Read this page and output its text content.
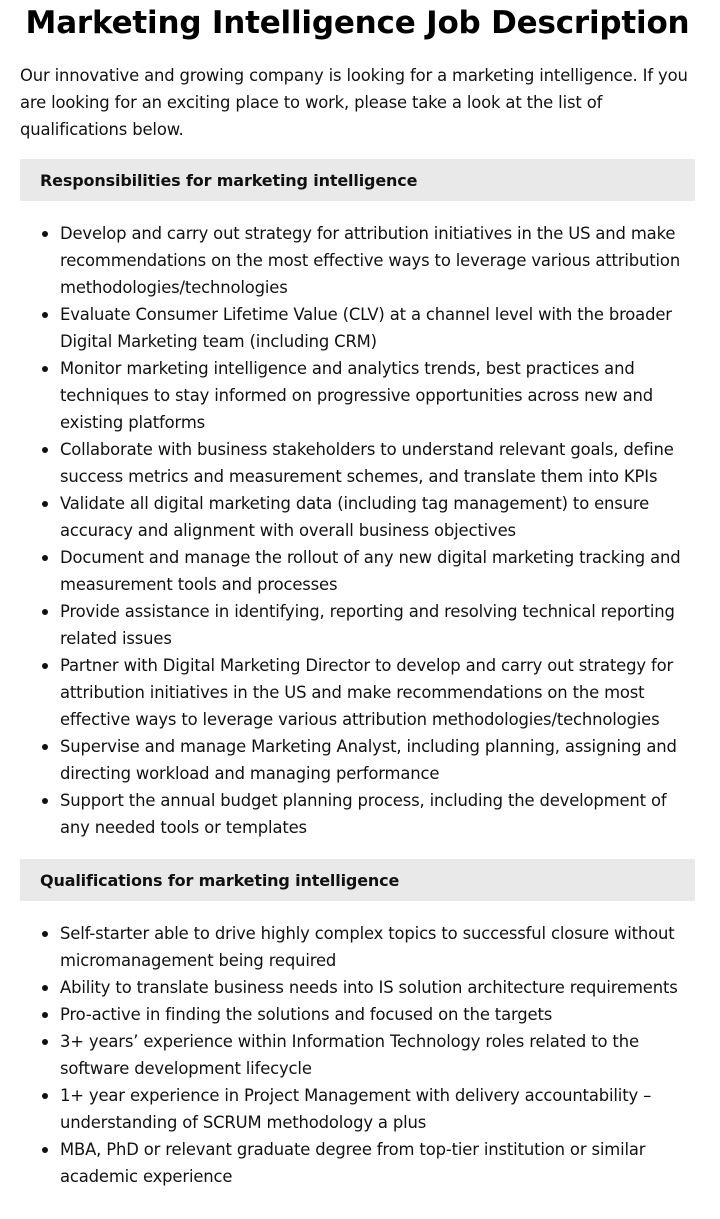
Marketing Intelligence Job Description

Our innovative and growing company is looking for a marketing intelligence. If you are looking for an exciting place to work, please take a look at the list of qualifications below.

Responsibilities for marketing intelligence
Develop and carry out strategy for attribution initiatives in the US and make recommendations on the most effective ways to leverage various attribution methodologies/technologies
Evaluate Consumer Lifetime Value (CLV) at a channel level with the broader Digital Marketing team (including CRM)
Monitor marketing intelligence and analytics trends, best practices and techniques to stay informed on progressive opportunities across new and existing platforms
Collaborate with business stakeholders to understand relevant goals, define success metrics and measurement schemes, and translate them into KPIs
Validate all digital marketing data (including tag management) to ensure accuracy and alignment with overall business objectives
Document and manage the rollout of any new digital marketing tracking and measurement tools and processes
Provide assistance in identifying, reporting and resolving technical reporting related issues
Partner with Digital Marketing Director to develop and carry out strategy for attribution initiatives in the US and make recommendations on the most effective ways to leverage various attribution methodologies/technologies
Supervise and manage Marketing Analyst, including planning, assigning and directing workload and managing performance
Support the annual budget planning process, including the development of any needed tools or templates
Qualifications for marketing intelligence
Self-starter able to drive highly complex topics to successful closure without micromanagement being required
Ability to translate business needs into IS solution architecture requirements
Pro-active in finding the solutions and focused on the targets
3+ years’ experience within Information Technology roles related to the software development lifecycle
1+ year experience in Project Management with delivery accountability – understanding of SCRUM methodology a plus
MBA, PhD or relevant graduate degree from top-tier institution or similar academic experience
